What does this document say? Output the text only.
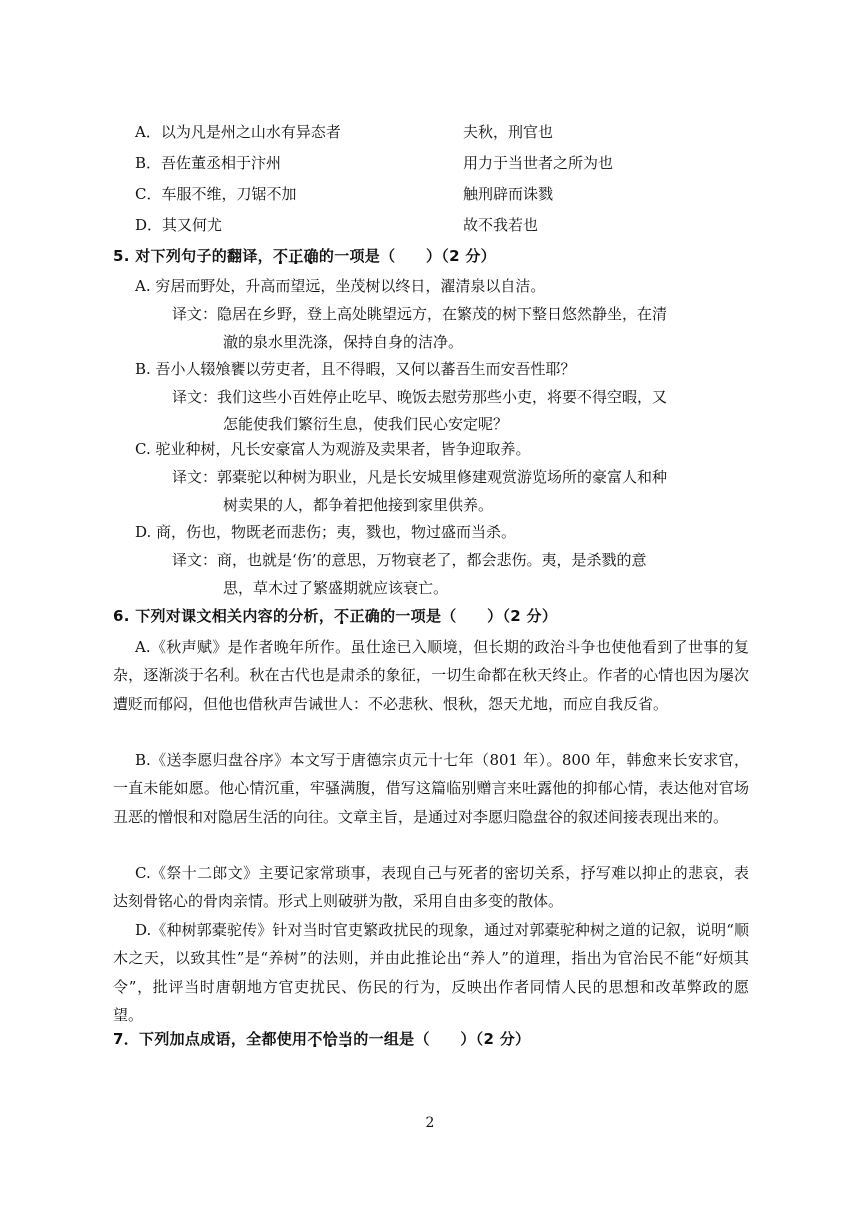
A．以为凡是州之山水有异态者	夫秋，刑官也
B．吾佐董丞相于汴州	用力于当世者之所为也
C．车服不维，刀锯不加	触刑辟而诛戮
D．其又何尤	故不我若也
5. 对下列句子的翻译，不正确的一项是（　　）（2 分）
A. 穷居而野处，升高而望远，坐茂树以终日，濯清泉以自洁。
译文：隐居在乡野，登上高处眺望远方，在繁茂的树下整日悠然静坐，在清
澈的泉水里洗涤，保持自身的洁净。
B. 吾小人辍飧饔以劳吏者，且不得暇，又何以蕃吾生而安吾性耶？
译文：我们这些小百姓停止吃早、晚饭去慰劳那些小吏，将要不得空暇，又
怎能使我们繁衍生息，使我们民心安定呢？
C. 驼业种树，凡长安豪富人为观游及卖果者，皆争迎取养。
译文：郭橐驼以种树为职业，凡是长安城里修建观赏游览场所的豪富人和种
树卖果的人，都争着把他接到家里供养。
D. 商，伤也，物既老而悲伤；夷，戮也，物过盛而当杀。
译文：商，也就是‘伤’的意思，万物衰老了，都会悲伤。夷，是杀戮的意
思，草木过了繁盛期就应该衰亡。
6. 下列对课文相关内容的分析，不正确的一项是（　　）（2 分）
A.《秋声赋》是作者晚年所作。虽仕途已入顺境，但长期的政治斗争也使他看到了世事的复杂，逐渐淡于名利。秋在古代也是肃杀的象征，一切生命都在秋天终止。作者的心情也因为屡次遭贬而郁闷，但他也借秋声告诫世人：不必悲秋、恨秋，怨天尤地，而应自我反省。
B.《送李愿归盘谷序》本文写于唐德宗贞元十七年（801 年）。800 年，韩愈来长安求官，一直未能如愿。他心情沉重，牢骚满腹，借写这篇临别赠言来吐露他的抑郁心情，表达他对官场丑恶的憎恨和对隐居生活的向往。文章主旨，是通过对李愿归隐盘谷的叙述间接表现出来的。
C.《祭十二郎文》主要记家常琐事，表现自己与死者的密切关系，抒写难以抑止的悲哀，表达刻骨铭心的骨肉亲情。形式上则破骈为散，采用自由多变的散体。
D.《种树郭橐驼传》针对当时官吏繁政扰民的现象，通过对郭橐驼种树之道的记叙，说明“顺木之天，以致其性”是“养树”的法则，并由此推论出“养人”的道理，指出为官治民不能“好烦其令”，批评当时唐朝地方官吏扰民、伤民的行为，反映出作者同情人民的思想和改革弊政的愿望。
7．下列加点成语，全都使用不恰当的一组是（　　）（2 分）
2
